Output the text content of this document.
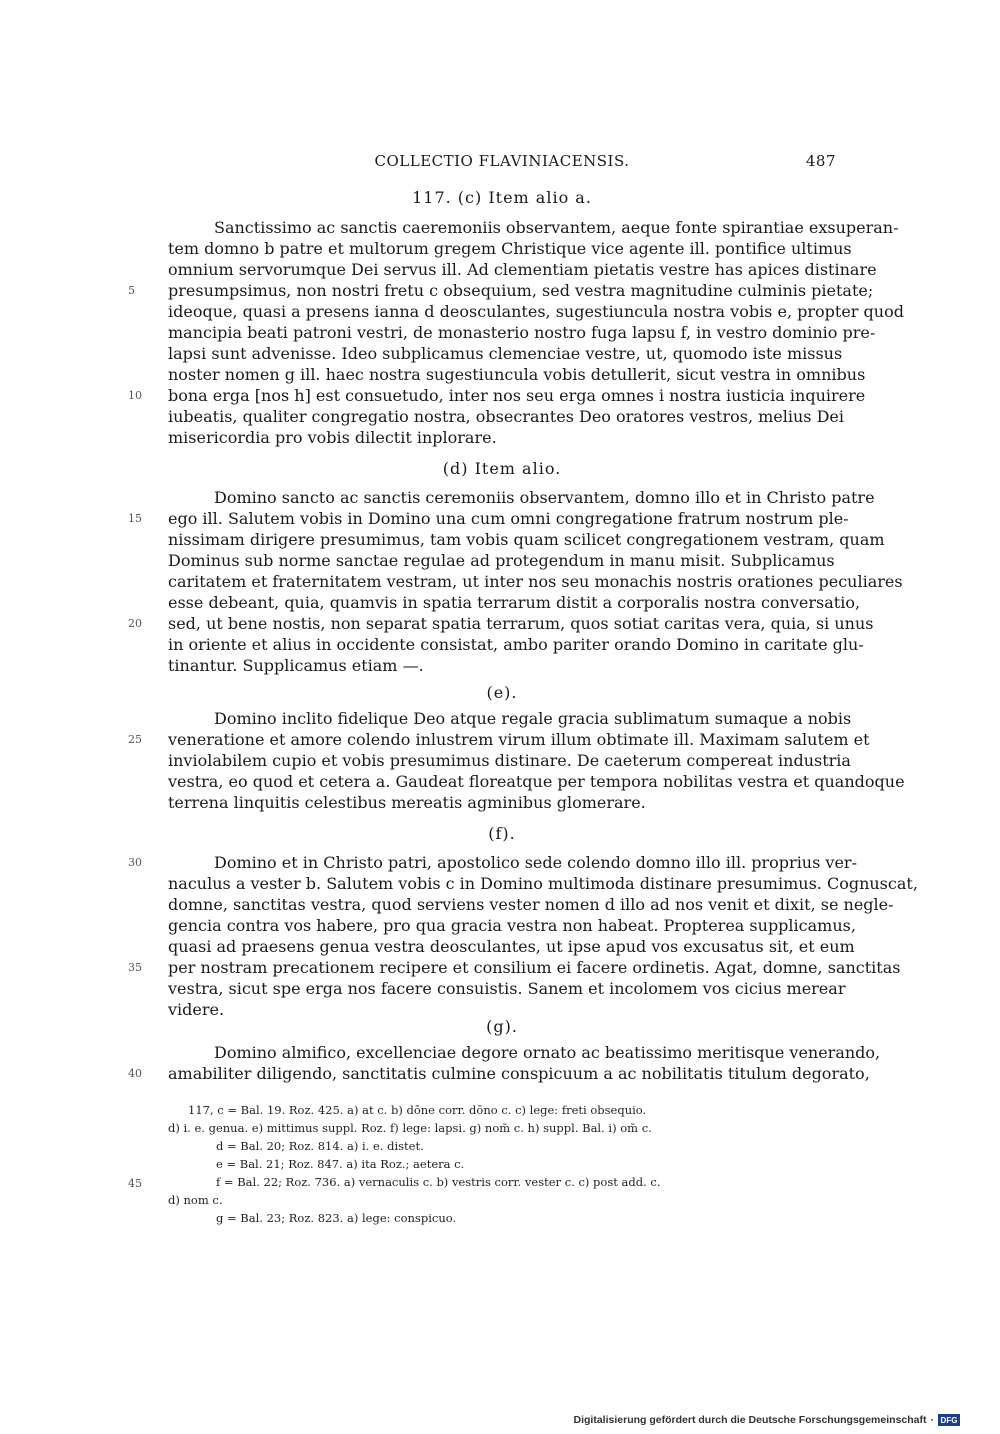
COLLECTIO FLAVINIACENSIS.	487
117. (c) Item alio a.
Sanctissimo ac sanctis caeremoniis observantem, aeque fonte spirantiae exsuperan-
tem domno b patre et multorum gregem Christique vice agente ill. pontifice ultimus
omnium servorumque Dei servus ill. Ad clementiam pietatis vestre has apices distinare
presumpsimus, non nostri fretu c obsequium, sed vestra magnitudine culminis pietate;
ideoque, quasi a presens ianna d deosculantes, sugestiuncula nostra vobis e, propter quod
mancipia beati patroni vestri, de monasterio nostro fuga lapsu f, in vestro dominio pre-
lapsi sunt advenisse. Ideo subplicamus clemenciae vestre, ut, quomodo iste missus
noster nomen g ill. haec nostra sugestiuncula vobis detullerit, sicut vestra in omnibus
bona erga [nos h] est consuetudo, inter nos seu erga omnes i nostra iusticia inquirere
iubeatis, qualiter congregatio nostra, obsecrantes Deo oratores vestros, melius Dei
misericordia pro vobis dilectit inplorare.
(d) Item alio.
Domino sancto ac sanctis ceremoniis observantem, domno illo et in Christo patre
ego ill. Salutem vobis in Domino una cum omni congregatione fratrum nostrum ple-
nissimam dirigere presumimus, tam vobis quam scilicet congregationem vestram, quam
Dominus sub norme sanctae regulae ad protegendum in manu misit. Subplicamus
caritatem et fraternitatem vestram, ut inter nos seu monachis nostris orationes peculiares
esse debeant, quia, quamvis in spatia terrarum distit a corporalis nostra conversatio,
sed, ut bene nostis, non separat spatia terrarum, quos sotiat caritas vera, quia, si unus
in oriente et alius in occidente consistat, ambo pariter orando Domino in caritate glu-
tinantur. Supplicamus etiam —.
(e).
Domino inclito fidelique Deo atque regale gracia sublimatum sumaque a nobis
veneratione et amore colendo inlustrem virum illum obtimate ill. Maximam salutem et
inviolabilem cupio et vobis presumimus distinare. De caeterum compereat industria
vestra, eo quod et cetera a. Gaudeat floreatque per tempora nobilitas vestra et quandoque
terrena linquitis celestibus mereatis agminibus glomerare.
(f).
Domino et in Christo patri, apostolico sede colendo domno illo ill. proprius ver-
naculus a vester b. Salutem vobis c in Domino multimoda distinare presumimus. Cognuscat,
domne, sanctitas vestra, quod serviens vester nomen d illo ad nos venit et dixit, se negle-
gencia contra vos habere, pro qua gracia vestra non habeat. Propterea supplicamus,
quasi ad praesens genua vestra deosculantes, ut ipse apud vos excusatus sit, et eum
per nostram precationem recipere et consilium ei facere ordinetis. Agat, domne, sanctitas
vestra, sicut spe erga nos facere consuistis. Sanem et incolomem vos cicius merear
videre.
(g).
Domino almifico, excellenciae degore ornato ac beatissimo meritisque venerando,
amabiliter diligendo, sanctitatis culmine conspicuum a ac nobilitatis titulum degorato,
5
10
15
20
25
30
35
40
45
117, c = Bal. 19. Roz. 425. a) at c. b) dōne corr. dōno c. c) lege: freti obsequio.
d) i. e. genua. e) mittimus suppl. Roz. f) lege: lapsi. g) nom̄ c. h) suppl. Bal. i) om̄ c.
d = Bal. 20; Roz. 814. a) i. e. distet.
e = Bal. 21; Roz. 847. a) ita Roz.; aetera c.
f = Bal. 22; Roz. 736. a) vernaculis c. b) vestris corr. vester c. c) post add. c.
d) nom c.
g = Bal. 23; Roz. 823. a) lege: conspicuo.
Digitalisierung gefördert durch die Deutsche Forschungsgemeinschaft · DFG
